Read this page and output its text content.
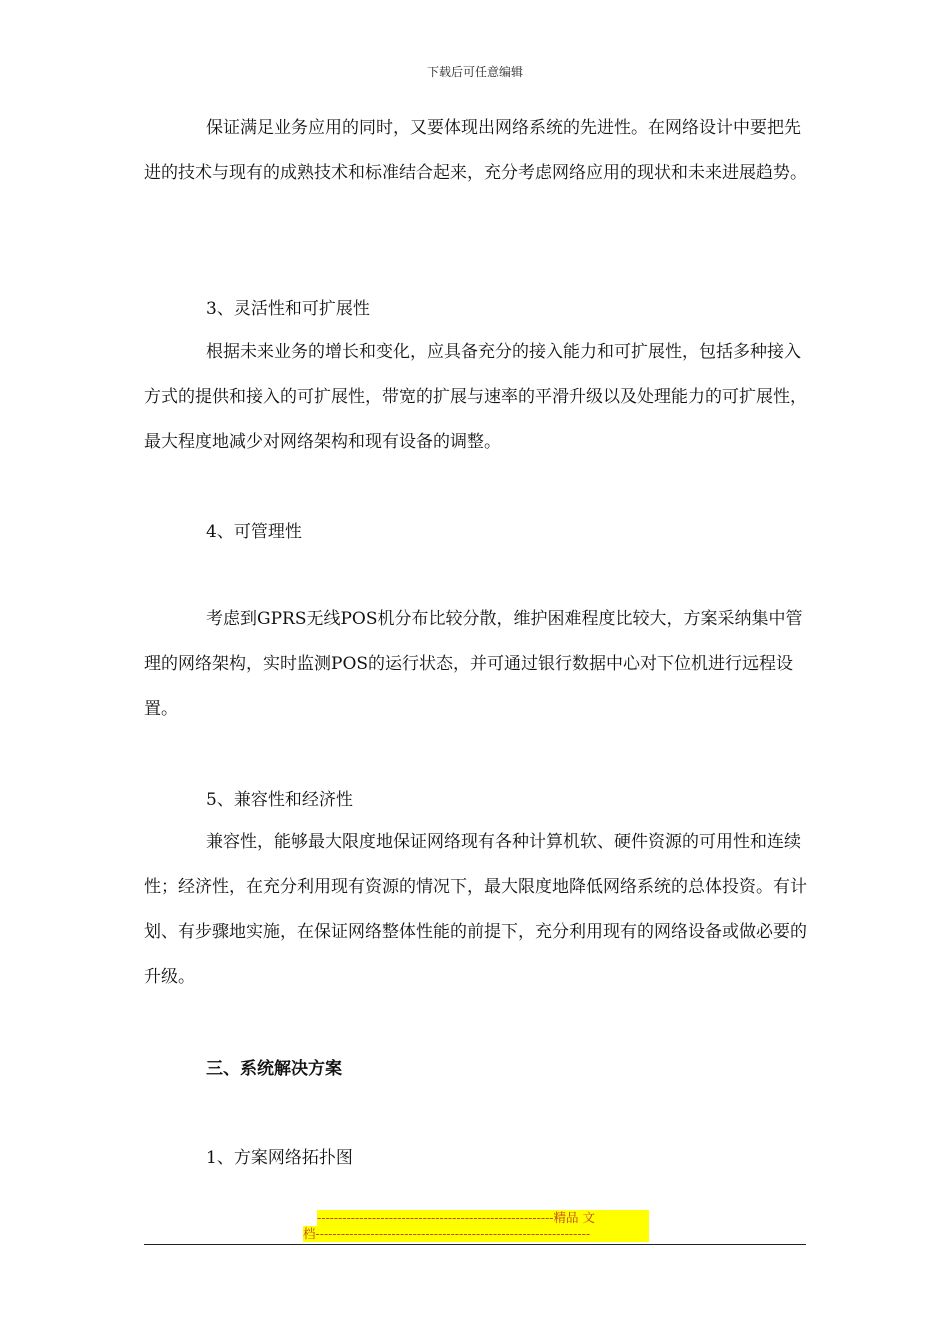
下载后可任意编辑

保证满足业务应用的同时，又要体现出网络系统的先进性。在网络设计中要把先进的技术与现有的成熟技术和标准结合起来，充分考虑网络应用的现状和未来进展趋势。

3、灵活性和可扩展性

根据未来业务的增长和变化，应具备充分的接入能力和可扩展性，包括多种接入方式的提供和接入的可扩展性，带宽的扩展与速率的平滑升级以及处理能力的可扩展性，最大程度地减少对网络架构和现有设备的调整。

4、可管理性

考虑到GPRS无线POS机分布比较分散，维护困难程度比较大，方案采纳集中管理的网络架构，实时监测POS的运行状态，并可通过银行数据中心对下位机进行远程设置。

5、兼容性和经济性

兼容性，能够最大限度地保证网络现有各种计算机软、硬件资源的可用性和连续性；经济性，在充分利用现有资源的情况下，最大限度地降低网络系统的总体投资。有计划、有步骤地实施，在保证网络整体性能的前提下，充分利用现有的网络设备或做必要的升级。

三、系统解决方案

1、方案网络拓扑图

--------------------------------------------------------精品 文
档-----------------------------------------------------------------
